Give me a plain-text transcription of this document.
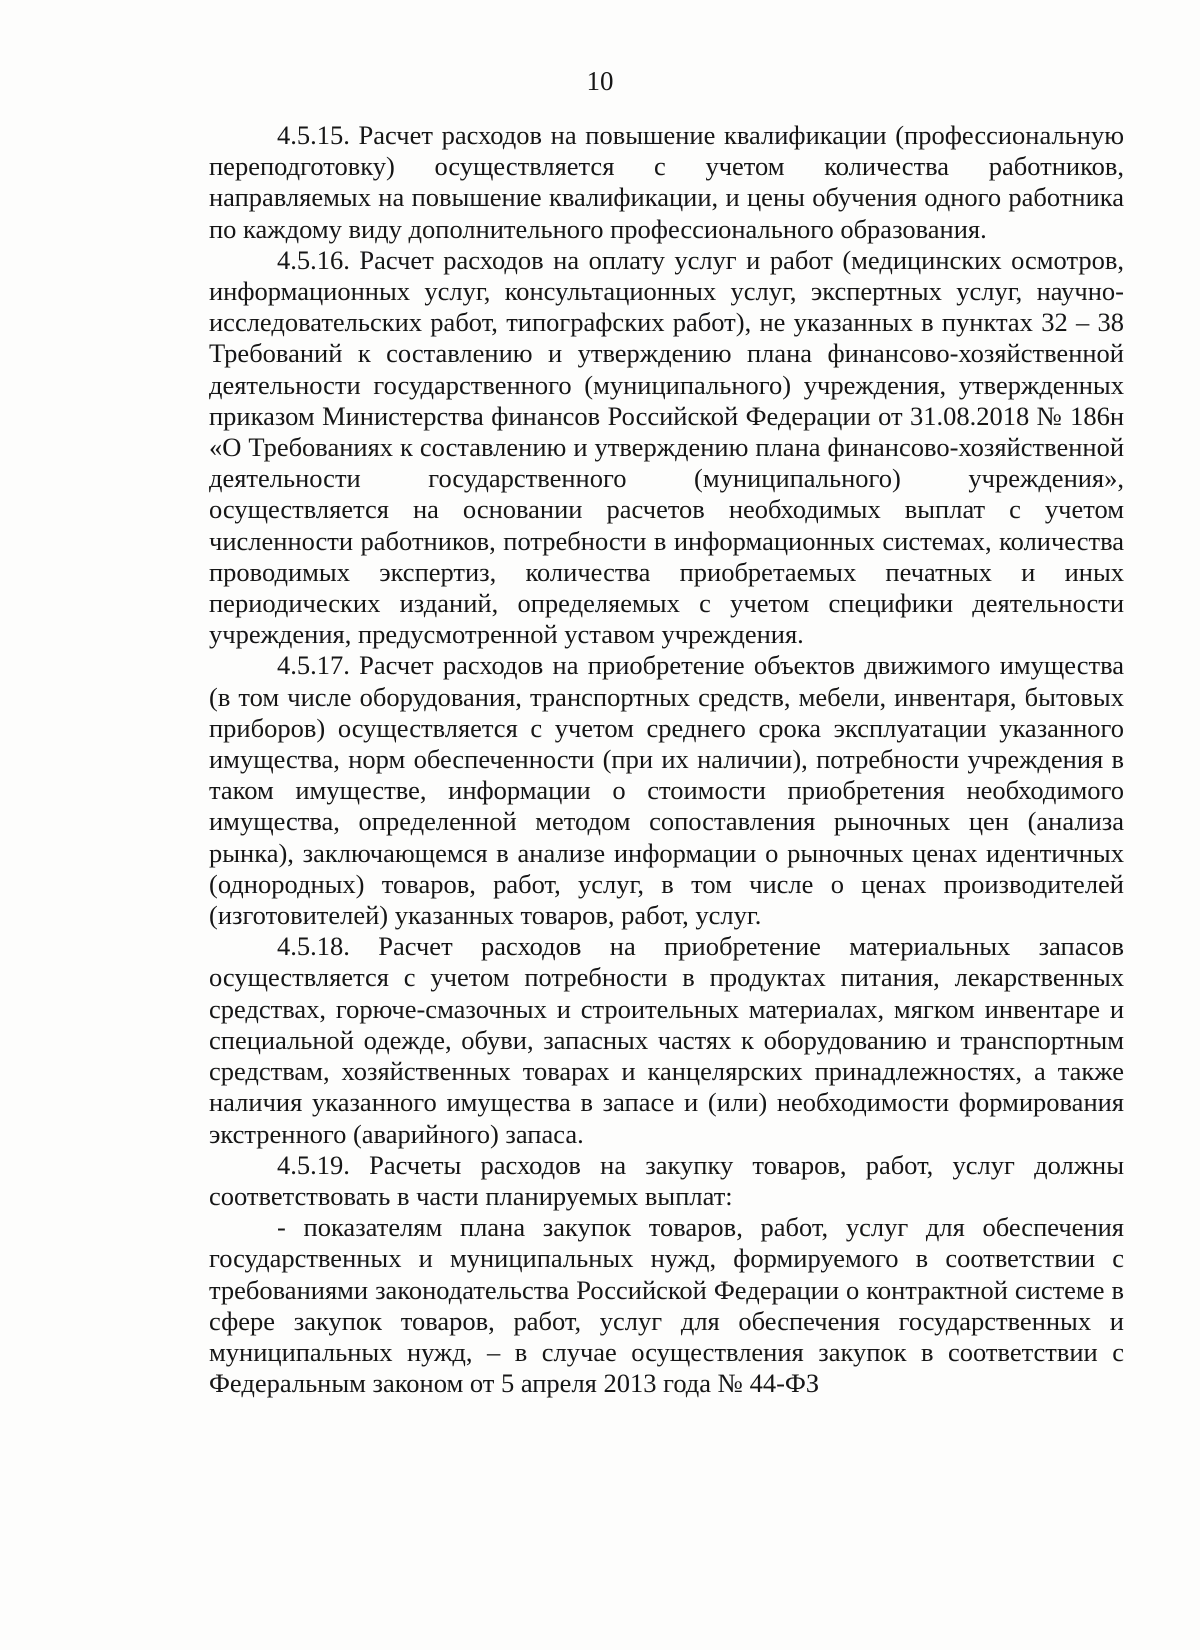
10

4.5.15. Расчет расходов на повышение квалификации (профессиональную переподготовку) осуществляется с учетом количества работников, направляемых на повышение квалификации, и цены обучения одного работника по каждому виду дополнительного профессионального образования.

4.5.16. Расчет расходов на оплату услуг и работ (медицинских осмотров, информационных услуг, консультационных услуг, экспертных услуг, научно-исследовательских работ, типографских работ), не указанных в пунктах 32 – 38 Требований к составлению и утверждению плана финансово-хозяйственной деятельности государственного (муниципального) учреждения, утвержденных приказом Министерства финансов Российской Федерации от 31.08.2018 № 186н «О Требованиях к составлению и утверждению плана финансово-хозяйственной деятельности государственного (муниципального) учреждения», осуществляется на основании расчетов необходимых выплат с учетом численности работников, потребности в информационных системах, количества проводимых экспертиз, количества приобретаемых печатных и иных периодических изданий, определяемых с учетом специфики деятельности учреждения, предусмотренной уставом учреждения.

4.5.17. Расчет расходов на приобретение объектов движимого имущества (в том числе оборудования, транспортных средств, мебели, инвентаря, бытовых приборов) осуществляется с учетом среднего срока эксплуатации указанного имущества, норм обеспеченности (при их наличии), потребности учреждения в таком имуществе, информации о стоимости приобретения необходимого имущества, определенной методом сопоставления рыночных цен (анализа рынка), заключающемся в анализе информации о рыночных ценах идентичных (однородных) товаров, работ, услуг, в том числе о ценах производителей (изготовителей) указанных товаров, работ, услуг.

4.5.18. Расчет расходов на приобретение материальных запасов осуществляется с учетом потребности в продуктах питания, лекарственных средствах, горюче-смазочных и строительных материалах, мягком инвентаре и специальной одежде, обуви, запасных частях к оборудованию и транспортным средствам, хозяйственных товарах и канцелярских принадлежностях, а также наличия указанного имущества в запасе и (или) необходимости формирования экстренного (аварийного) запаса.

4.5.19. Расчеты расходов на закупку товаров, работ, услуг должны соответствовать в части планируемых выплат:

- показателям плана закупок товаров, работ, услуг для обеспечения государственных и муниципальных нужд, формируемого в соответствии с требованиями законодательства Российской Федерации о контрактной системе в сфере закупок товаров, работ, услуг для обеспечения государственных и муниципальных нужд, – в случае осуществления закупок в соответствии с Федеральным законом от 5 апреля 2013 года № 44-ФЗ
